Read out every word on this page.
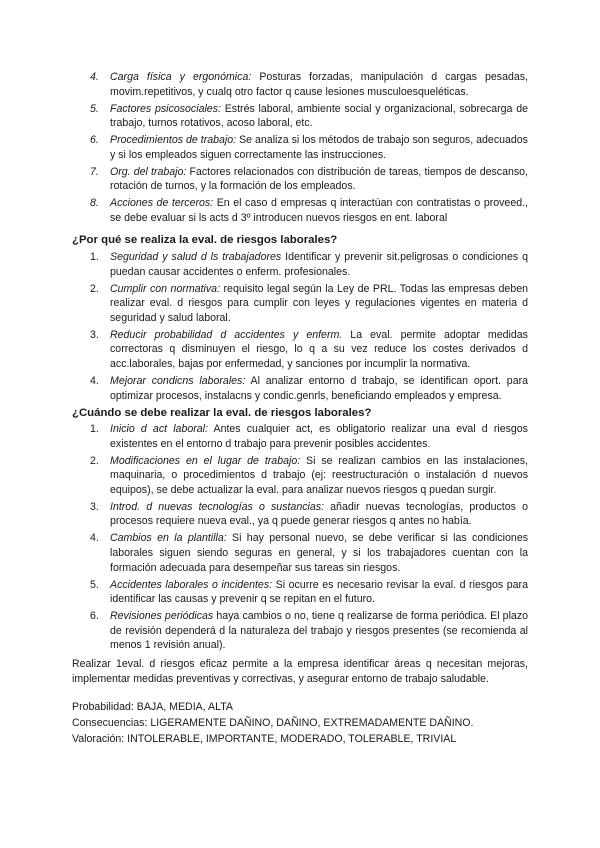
4. Carga física y ergonómica: Posturas forzadas, manipulación d cargas pesadas, movim.repetitivos, y cualq otro factor q cause lesiones musculoesqueléticas.
5. Factores psicosociales: Estrés laboral, ambiente social y organizacional, sobrecarga de trabajo, turnos rotativos, acoso laboral, etc.
6. Procedimientos de trabajo: Se analiza si los métodos de trabajo son seguros, adecuados y si los empleados siguen correctamente las instrucciones.
7. Org. del trabajo: Factores relacionados con distribución de tareas, tiempos de descanso, rotación de turnos, y la formación de los empleados.
8. Acciones de terceros: En el caso d empresas q interactúan con contratistas o proveed., se debe evaluar si ls acts d 3º introducen nuevos riesgos en ent. laboral
¿Por qué se realiza la eval. de riesgos laborales?
1. Seguridad y salud d ls trabajadores Identificar y prevenir sit.peligrosas o condiciones q puedan causar accidentes o enferm. profesionales.
2. Cumplir con normativa: requisito legal según la Ley de PRL. Todas las empresas deben realizar eval. d riesgos para cumplir con leyes y regulaciones vigentes en materia d seguridad y salud laboral.
3. Reducir probabilidad d accidentes y enferm. La eval. permite adoptar medidas correctoras q disminuyen el riesgo, lo q a su vez reduce los costes derivados d acc.laborales, bajas por enfermedad, y sanciones por incumplir la normativa.
4. Mejorar condicns laborales: Al analizar entorno d trabajo, se identifican oport. para optimizar procesos, instalacns y condic.genrls, beneficiando empleados y empresa.
¿Cuándo se debe realizar la eval. de riesgos laborales?
1. Inicio d act laboral: Antes cualquier act, es obligatorio realizar una eval d riesgos existentes en el entorno d trabajo para prevenir posibles accidentes.
2. Modificaciones en el lugar de trabajo: Si se realizan cambios en las instalaciones, maquinaria, o procedimientos d trabajo (ej: reestructuración o instalación d nuevos equipos), se debe actualizar la eval. para analizar nuevos riesgos q puedan surgir.
3. Introd. d nuevas tecnologías o sustancias: añadir nuevas tecnologías, productos o procesos requiere nueva eval., ya q puede generar riesgos q antes no había.
4. Cambios en la plantilla: Si hay personal nuevo, se debe verificar si las condiciones laborales siguen siendo seguras en general, y si los trabajadores cuentan con la formación adecuada para desempeñar sus tareas sin riesgos.
5. Accidentes laborales o incidentes: Si ocurre es necesario revisar la eval. d riesgos para identificar las causas y prevenir q se repitan en el futuro.
6. Revisiones periódicas haya cambios o no, tiene q realizarse de forma periódica. El plazo de revisión dependerá d la naturaleza del trabajo y riesgos presentes (se recomienda al menos 1 revisión anual).

Realizar 1eval. d riesgos eficaz permite a la empresa identificar áreas q necesitan mejoras, implementar medidas preventivas y correctivas, y asegurar entorno de trabajo saludable.

Probabilidad: BAJA, MEDIA, ALTA

Consecuencias: LIGERAMENTE DAÑINO, DAÑINO, EXTREMADAMENTE DAÑINO.

Valoración: INTOLERABLE, IMPORTANTE, MODERADO, TOLERABLE, TRIVIAL
